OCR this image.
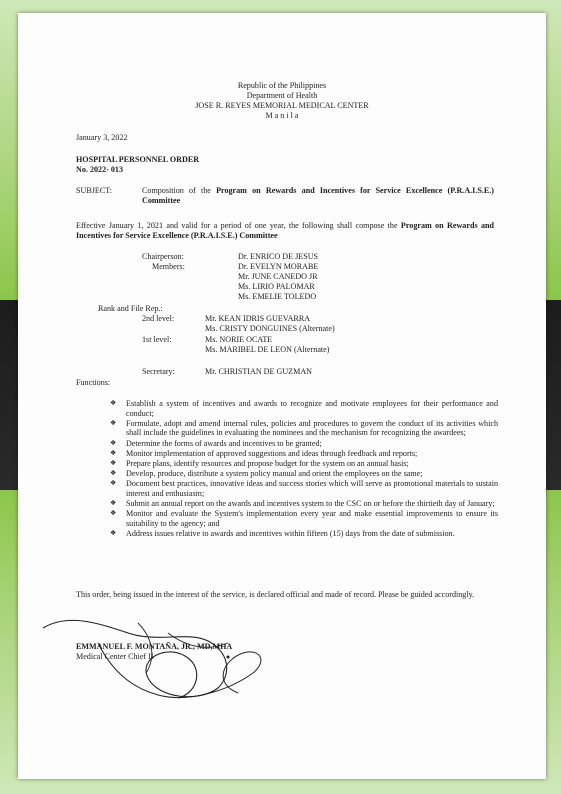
Republic of the Philippines
Department of Health
JOSE R. REYES MEMORIAL MEDICAL CENTER
M a n i l a
January 3, 2022
HOSPITAL PERSONNEL ORDER
No. 2022- 013
SUBJECT:	Composition of the Program on Rewards and Incentives for Service Excellence (P.R.A.I.S.E.) Committee
Effective January 1, 2021 and valid for a period of one year, the following shall compose the Program on Rewards and Incentives for Service Excellence (P.R.A.I.S.E.) Committee
Chairperson:	Dr. ENRICO DE JESUS
Members:	Dr. EVELYN MORABE
Mr. JUNE CANEDO JR
Ms. LIRIO PALOMAR
Ms. EMELIE TOLEDO
Rank and File Rep.:
2nd level:	Mr. KEAN IDRIS GUEVARRA
Ms. CRISTY DONGUINES (Alternate)
1st level:	Ms. NORIE OCATE
Ms. MARIBEL DE LEON (Alternate)
Secretary:	Mr. CHRISTIAN DE GUZMAN
Functions:
❖ Establish a system of incentives and awards to recognize and motivate employees for their performance and conduct;
❖ Formulate, adopt and amend internal rules, policies and procedures to govern the conduct of its activities which shall include the guidelines in evaluating the nominees and the mechanism for recognizing the awardees;
❖ Determine the forms of awards and incentives to be granted;
❖ Monitor implementation of approved suggestions and ideas through feedback and reports;
❖ Prepare plans, identify resources and propose budget for the system on an annual basis;
❖ Develop, produce, distribute a system policy manual and orient the employees on the same;
❖ Document best practices, innovative ideas and success stories which will serve as promotional materials to sustain interest and enthusiasm;
❖ Submit an annual report on the awards and incentives system to the CSC on or before the thirtieth day of January;
❖ Monitor and evaluate the System's implementation every year and make essential improvements to ensure its suitability to the agency; and
❖ Address issues relative to awards and incentives within fifteen (15) days from the date of submission.
This order, being issued in the interest of the service, is declared official and made of record. Please be guided accordingly.
EMMANUEL F. MONTAÑA, JR., MD,MHA
Medical Center Chief II
